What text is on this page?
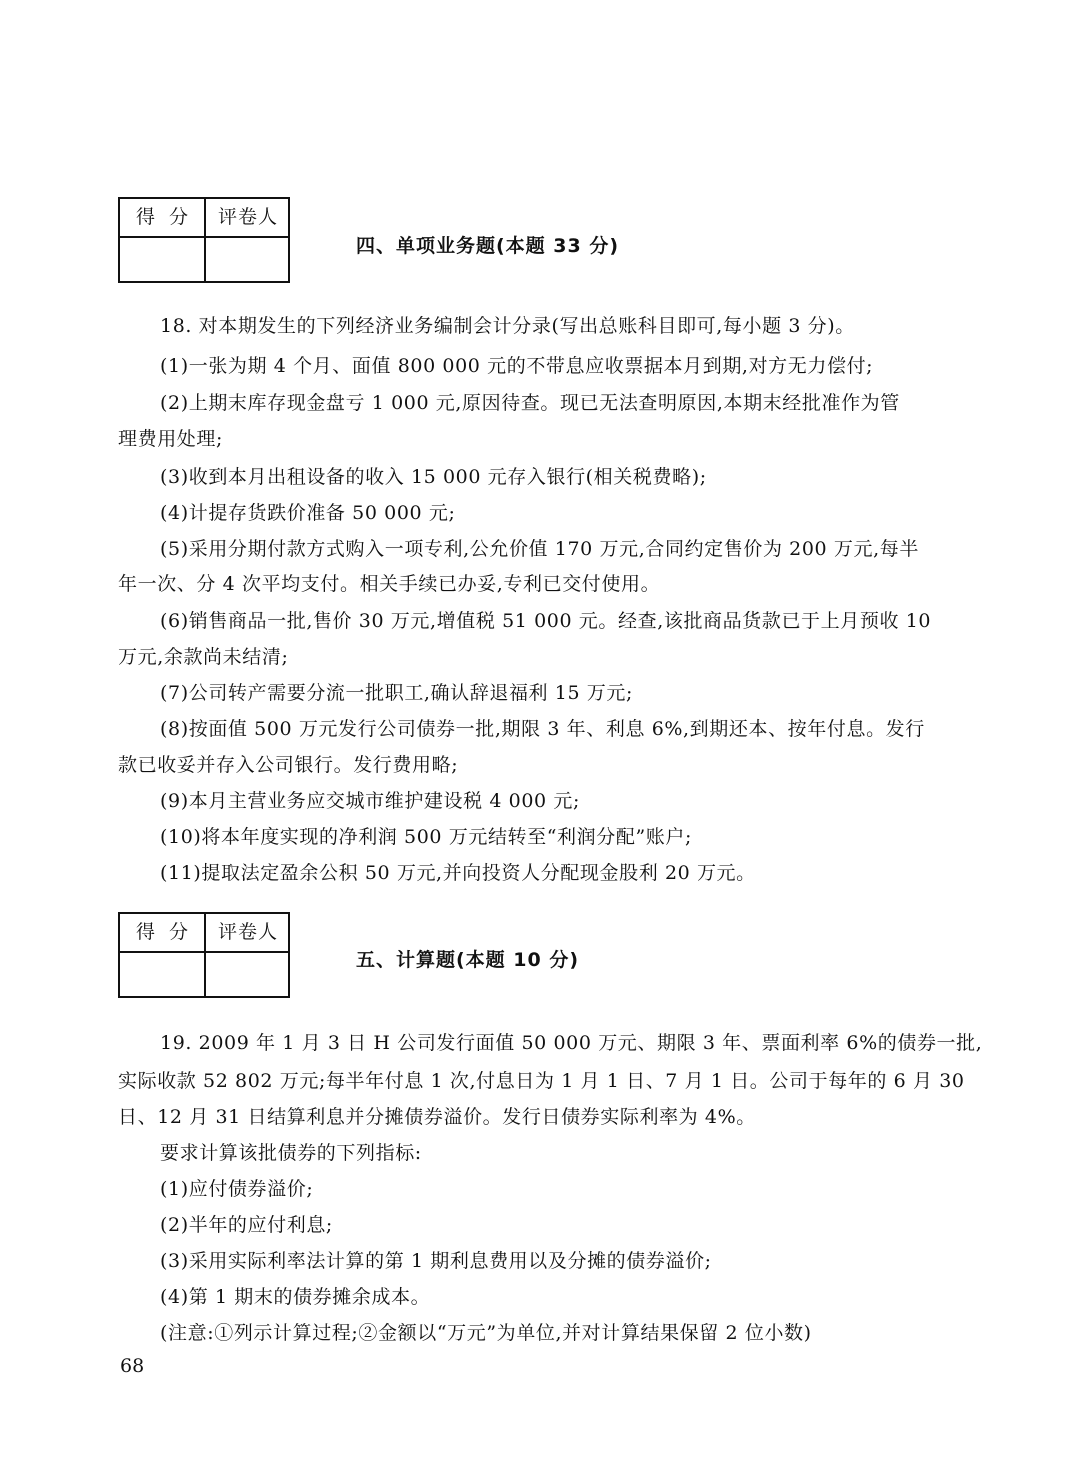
得分 评卷人
四、单项业务题(本题 33 分)
18. 对本期发生的下列经济业务编制会计分录(写出总账科目即可,每小题 3 分)。
(1)一张为期 4 个月、面值 800 000 元的不带息应收票据本月到期,对方无力偿付;
(2)上期末库存现金盘亏 1 000 元,原因待查。现已无法查明原因,本期末经批准作为管
理费用处理;
(3)收到本月出租设备的收入 15 000 元存入银行(相关税费略);
(4)计提存货跌价准备 50 000 元;
(5)采用分期付款方式购入一项专利,公允价值 170 万元,合同约定售价为 200 万元,每半
年一次、分 4 次平均支付。相关手续已办妥,专利已交付使用。
(6)销售商品一批,售价 30 万元,增值税 51 000 元。经查,该批商品货款已于上月预收 10
万元,余款尚未结清;
(7)公司转产需要分流一批职工,确认辞退福利 15 万元;
(8)按面值 500 万元发行公司债券一批,期限 3 年、利息 6%,到期还本、按年付息。发行
款已收妥并存入公司银行。发行费用略;
(9)本月主营业务应交城市维护建设税 4 000 元;
(10)将本年度实现的净利润 500 万元结转至“利润分配”账户;
(11)提取法定盈余公积 50 万元,并向投资人分配现金股利 20 万元。
得分 评卷人
五、计算题(本题 10 分)
19. 2009 年 1 月 3 日 H 公司发行面值 50 000 万元、期限 3 年、票面利率 6%的债券一批,
实际收款 52 802 万元;每半年付息 1 次,付息日为 1 月 1 日、7 月 1 日。公司于每年的 6 月 30
日、12 月 31 日结算利息并分摊债券溢价。发行日债券实际利率为 4%。
要求计算该批债券的下列指标:
(1)应付债券溢价;
(2)半年的应付利息;
(3)采用实际利率法计算的第 1 期利息费用以及分摊的债券溢价;
(4)第 1 期末的债券摊余成本。
(注意:①列示计算过程;②金额以“万元”为单位,并对计算结果保留 2 位小数)
68
